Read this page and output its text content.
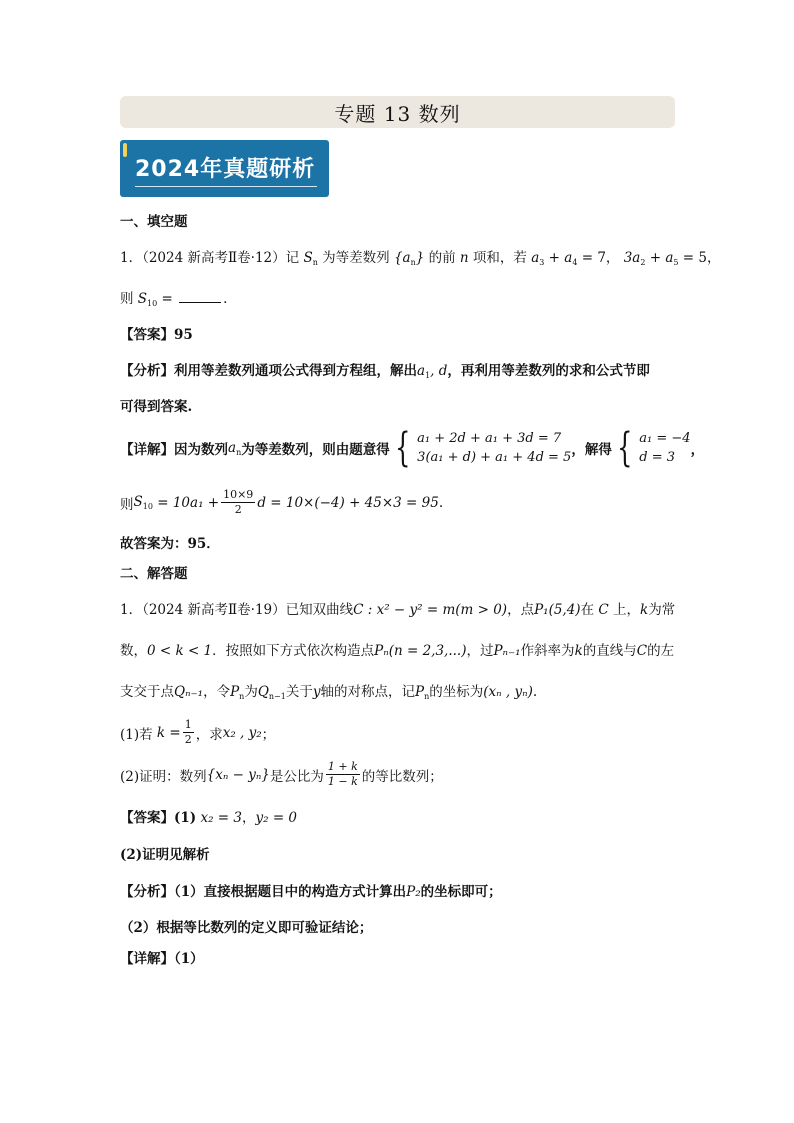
专题 13 数列
2024年真题研析
一、填空题
1．（2024 新高考Ⅱ卷·12）记 $S_n$ 为等差数列 $\{a_n\}$ 的前 n 项和，若 $a_3 + a_4 = 7$， $3a_2 + a_5 = 5$，
则 $S_{10}$ =	.
【答案】95
【分析】利用等差数列通项公式得到方程组，解出$a_1$, d，再利用等差数列的求和公式节即
可得到答案.
【详解】 因为数列 $a_n$ 为等差数列，则由题意得 { a₁ + 2d + a₁ + 3d = 7
3(a₁ + d) + a₁ + 4d = 5 ，解得 { a₁ = −4
d = 3	，
则 $S_{10}$
= $10a_1 + \frac{10\times 9}{2}$ d = 10×(−4) + 45×3 = 95 .
故答案为：95．
二、解答题
1．（2024 新高考Ⅱ卷·19）已知双曲线C : x² − y² = m(m > 0)，点P₁(5,4)在 C 上，k为常
数，0 < k < 1．按照如下方式依次构造点Pₙ(n = 2,3,...)，过Pₙ₋₁作斜率为k的直线与C的左
支交于点Qₙ₋₁，令$P_n$为$Q_{n-1}$关于y轴的对称点，记$P_n$的坐标为(xₙ , yₙ).
(1)若
$k = \frac{1}{2}$ ，求 x₂ , y₂ ；
(2)证明：数列 {xₙ − yₙ} 是公比为 $\frac{1 + k}{1 - k}$ 的等比数列；
【答案】(1) x₂ = 3，y₂ = 0
(2)证明见解析
【分析】（1）直接根据题目中的构造方式计算出P₂的坐标即可；
（2）根据等比数列的定义即可验证结论；
【详解】（1）
